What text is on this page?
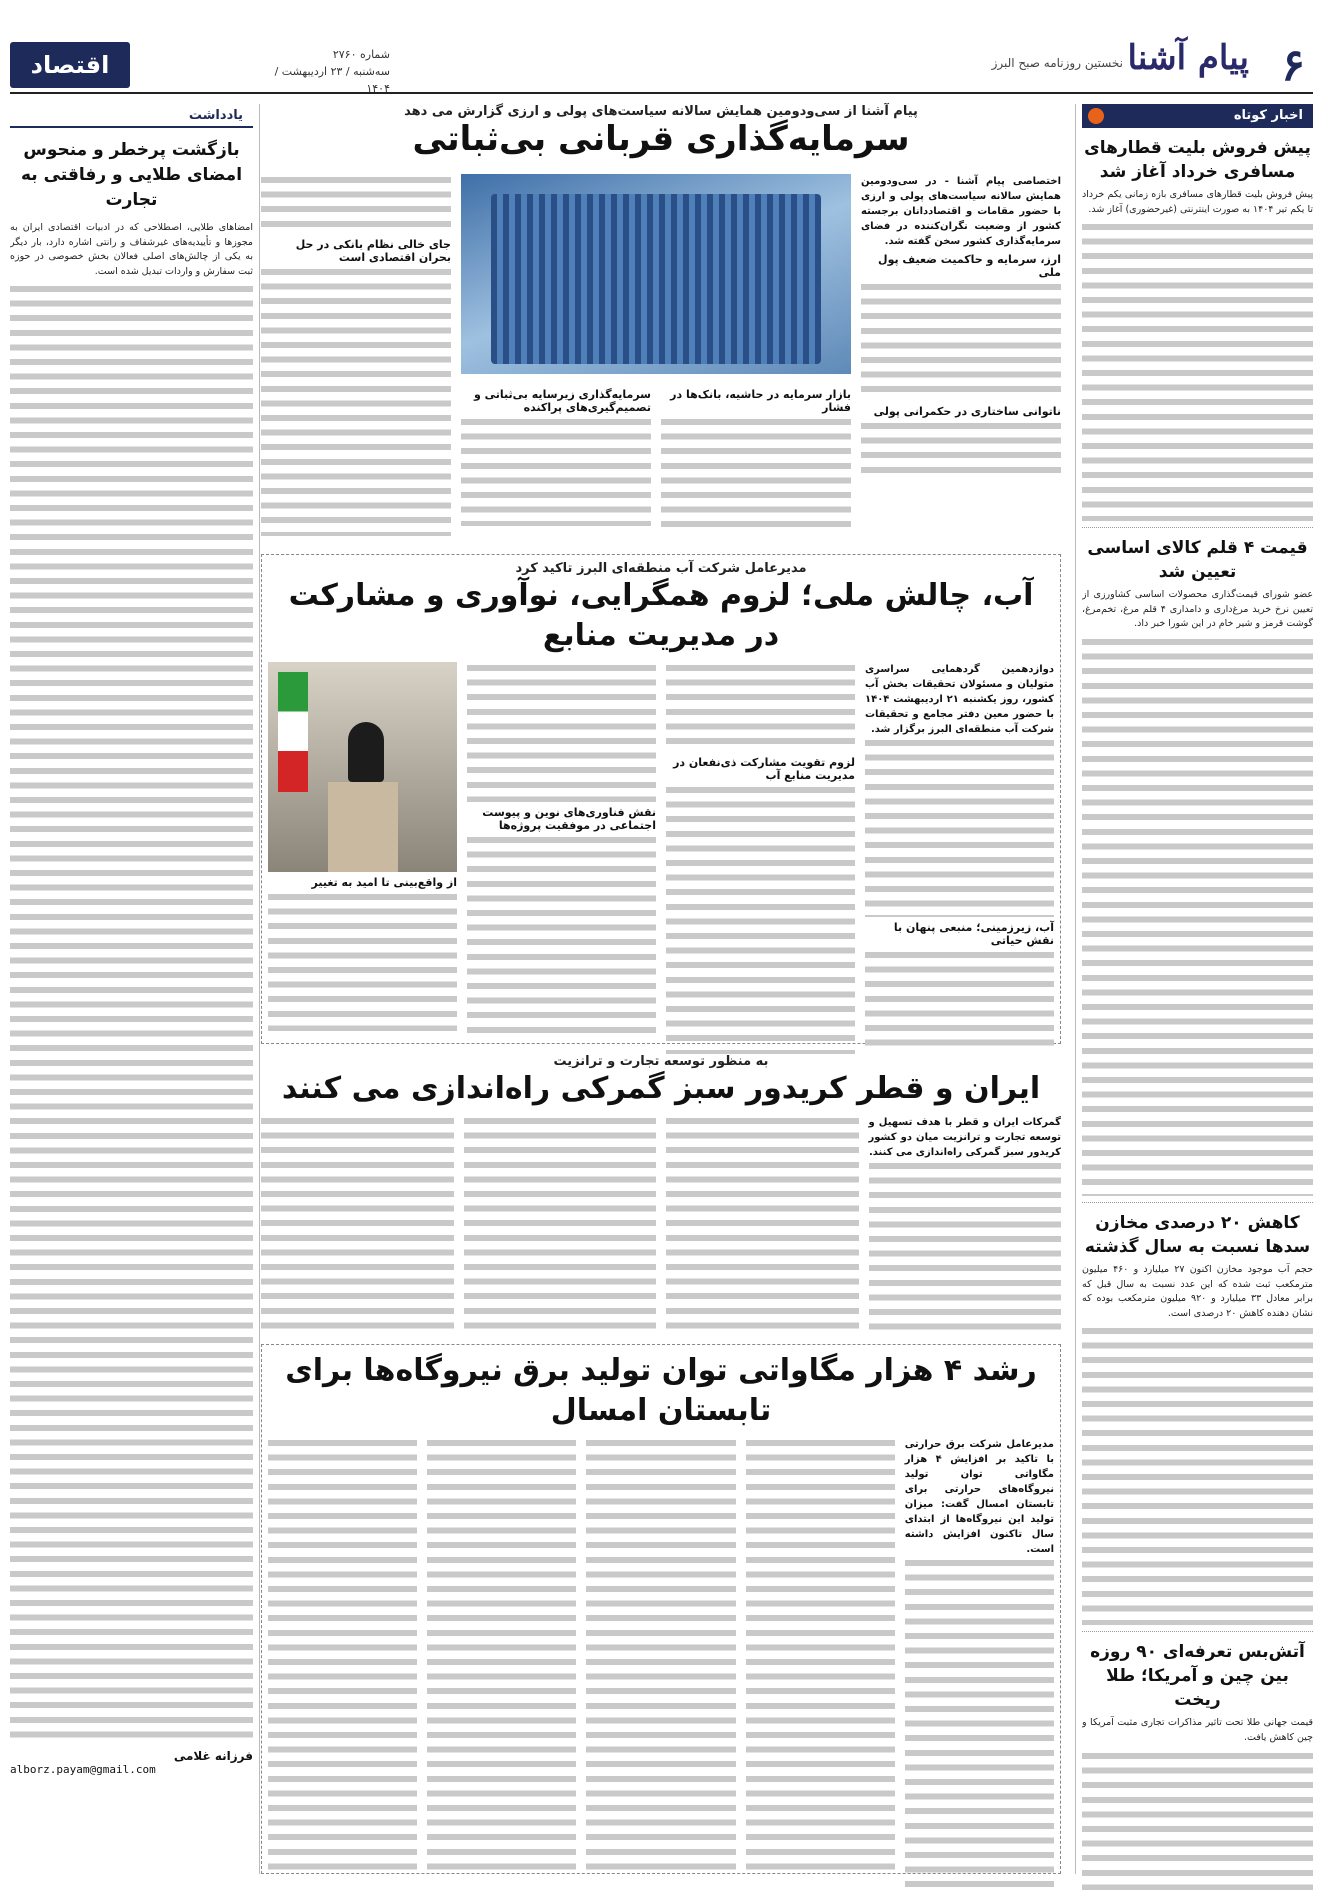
۶
پیام آشنا
نخستین روزنامه صبح البرز
شماره ۲۷۶۰
سه‌شنبه / ۲۳ اردیبهشت / ۱۴۰۴
اقتصاد
اخبار کوتاه
پیش فروش بلیت قطارهای مسافری خرداد آغاز شد

پیش فروش بلیت قطارهای مسافری بازه زمانی یکم خرداد تا یکم تیر ۱۴۰۴ به صورت اینترنتی (غیرحضوری) آغاز شد.

قیمت ۴ قلم کالای اساسی تعیین شد

عضو شورای قیمت‌گذاری محصولات اساسی کشاورزی از تعیین نرخ خرید مرغ‌داری و دامداری ۴ قلم مرغ، تخم‌مرغ، گوشت قرمز و شیر خام در این شورا خبر داد.

کاهش ۲۰ درصدی مخازن سدها نسبت به سال گذشته

حجم آب موجود مخازن اکنون ۲۷ میلیارد و ۴۶۰ میلیون مترمکعب ثبت شده که این عدد نسبت به سال قبل که برابر معادل ۳۳ میلیارد و ۹۲۰ میلیون مترمکعب بوده که نشان دهنده کاهش ۲۰ درصدی است.

آتش‌بس تعرفه‌ای ۹۰ روزه بین چین و آمریکا؛ طلا ریخت

قیمت جهانی طلا تحت تاثیر مذاکرات تجاری مثبت آمریکا و چین کاهش یافت.

یادداشت
بازگشت پرخطر و منحوس امضای طلایی و رفاقتی به تجارت

امضاهای طلایی، اصطلاحی که در ادبیات اقتصادی ایران به مجوزها و تأییدیه‌های غیرشفاف و رانتی اشاره دارد، بار دیگر به یکی از چالش‌های اصلی فعالان بخش خصوصی در حوزه ثبت سفارش و واردات تبدیل شده است.

فرزانه غلامی
alborz.payam@gmail.com
پیام آشنا از سی‌ودومین همایش سالانه سیاست‌های پولی و ارزی گزارش می دهد
سرمایه‌گذاری قربانی بی‌ثباتی

اختصاصی پیام آشنا - در سی‌ودومین همایش سالانه سیاست‌های پولی و ارزی با حضور مقامات و اقتصاددانان برجسته کشور از وضعیت نگران‌کننده در فضای سرمایه‌گذاری کشور سخن گفته شد.

ارز، سرمایه و حاکمیت ضعیف پول ملی
ناتوانی ساختاری در حکمرانی پولی
بازار سرمایه در حاشیه، بانک‌ها در فشار
سرمایه‌گذاری زیرسایه بی‌ثباتی و تصمیم‌گیری‌های پراکنده
جای خالی نظام بانکی در حل بحران اقتصادی است
مدیرعامل شرکت آب منطقه‌ای البرز تاکید کرد
آب، چالش ملی؛ لزوم همگرایی، نوآوری و مشارکت در مدیریت منابع

دوازدهمین گردهمایی سراسری متولیان و مسئولان تحقیقات بخش آب کشور، روز یکشنبه ۲۱ اردیبهشت ۱۴۰۴ با حضور معین دفتر مجامع و تحقیقات شرکت آب منطقه‌ای البرز برگزار شد.

آب، زیرزمینی؛ منبعی پنهان با نقش حیاتی
لزوم تقویت مشارکت ذی‌نفعان در مدیریت منابع آب
نقش فناوری‌های نوین و پیوست اجتماعی در موفقیت پروژه‌ها
از واقع‌بینی تا امید به تغییر
به منظور توسعه تجارت و ترانزیت
ایران و قطر کریدور سبز گمرکی راه‌اندازی می کنند

گمرکات ایران و قطر با هدف تسهیل و توسعه تجارت و ترانزیت میان دو کشور کریدور سبز گمرکی راه‌اندازی می کنند.

رشد ۴ هزار مگاواتی توان تولید برق نیروگاه‌ها برای تابستان امسال

مدیرعامل شرکت برق حرارتی با تاکید بر افزایش ۴ هزار مگاواتی توان تولید نیروگاه‌های حرارتی برای تابستان امسال گفت: میزان تولید این نیروگاه‌ها از ابتدای سال تاکنون افزایش داشته است.
